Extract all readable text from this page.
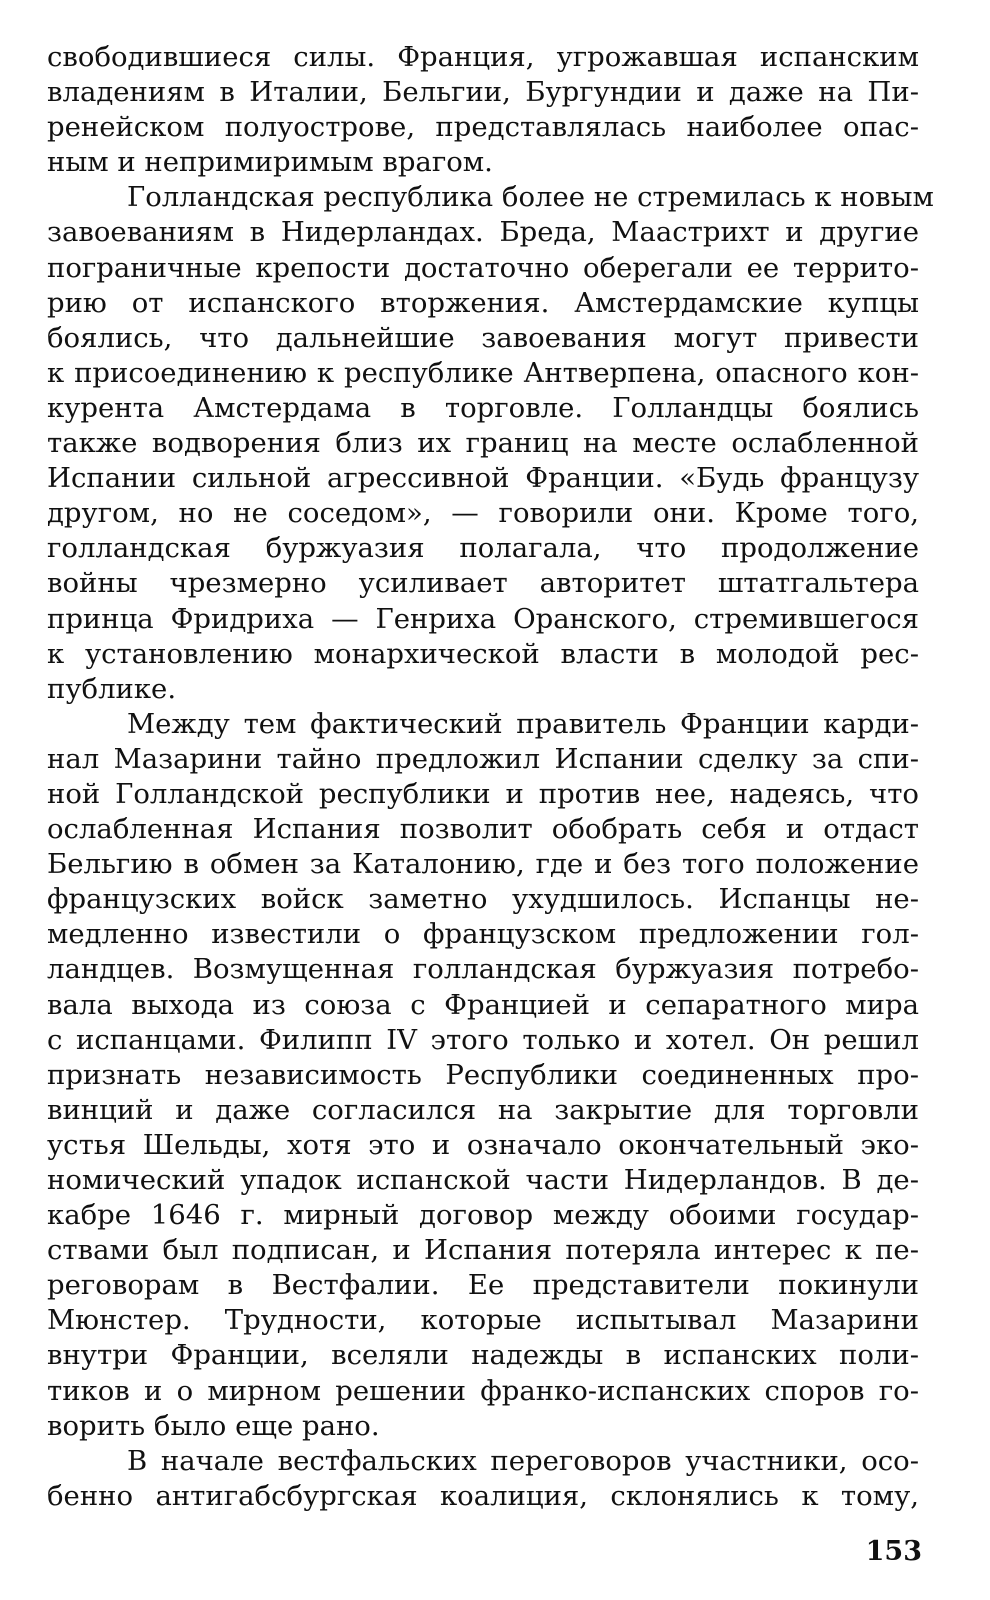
свободившиеся силы. Франция, угрожавшая испанским
владениям в Италии, Бельгии, Бургундии и даже на Пи-
ренейском полуострове, представлялась наиболее опас-
ным и непримиримым врагом.
Голландская республика более не стремилась к новым
завоеваниям в Нидерландах. Бреда, Маастрихт и другие
пограничные крепости достаточно оберегали ее террито-
рию от испанского вторжения. Амстердамские купцы
боялись, что дальнейшие завоевания могут привести
к присоединению к республике Антверпена, опасного кон-
курента Амстердама в торговле. Голландцы боялись
также водворения близ их границ на месте ослабленной
Испании сильной агрессивной Франции. «Будь французу
другом, но не соседом», — говорили они. Кроме того,
голландская буржуазия полагала, что продолжение
войны чрезмерно усиливает авторитет штатгальтера
принца Фридриха — Генриха Оранского, стремившегося
к установлению монархической власти в молодой рес-
публике.
Между тем фактический правитель Франции карди-
нал Мазарини тайно предложил Испании сделку за спи-
ной Голландской республики и против нее, надеясь, что
ослабленная Испания позволит обобрать себя и отдаст
Бельгию в обмен за Каталонию, где и без того положение
французских войск заметно ухудшилось. Испанцы не-
медленно известили о французском предложении гол-
ландцев. Возмущенная голландская буржуазия потребо-
вала выхода из союза с Францией и сепаратного мира
с испанцами. Филипп IV этого только и хотел. Он решил
признать независимость Республики соединенных про-
винций и даже согласился на закрытие для торговли
устья Шельды, хотя это и означало окончательный эко-
номический упадок испанской части Нидерландов. В де-
кабре 1646 г. мирный договор между обоими государ-
ствами был подписан, и Испания потеряла интерес к пе-
реговорам в Вестфалии. Ее представители покинули
Мюнстер. Трудности, которые испытывал Мазарини
внутри Франции, вселяли надежды в испанских поли-
тиков и о мирном решении франко-испанских споров го-
ворить было еще рано.
В начале вестфальских переговоров участники, осо-
бенно антигабсбургская коалиция, склонялись к тому,
153
